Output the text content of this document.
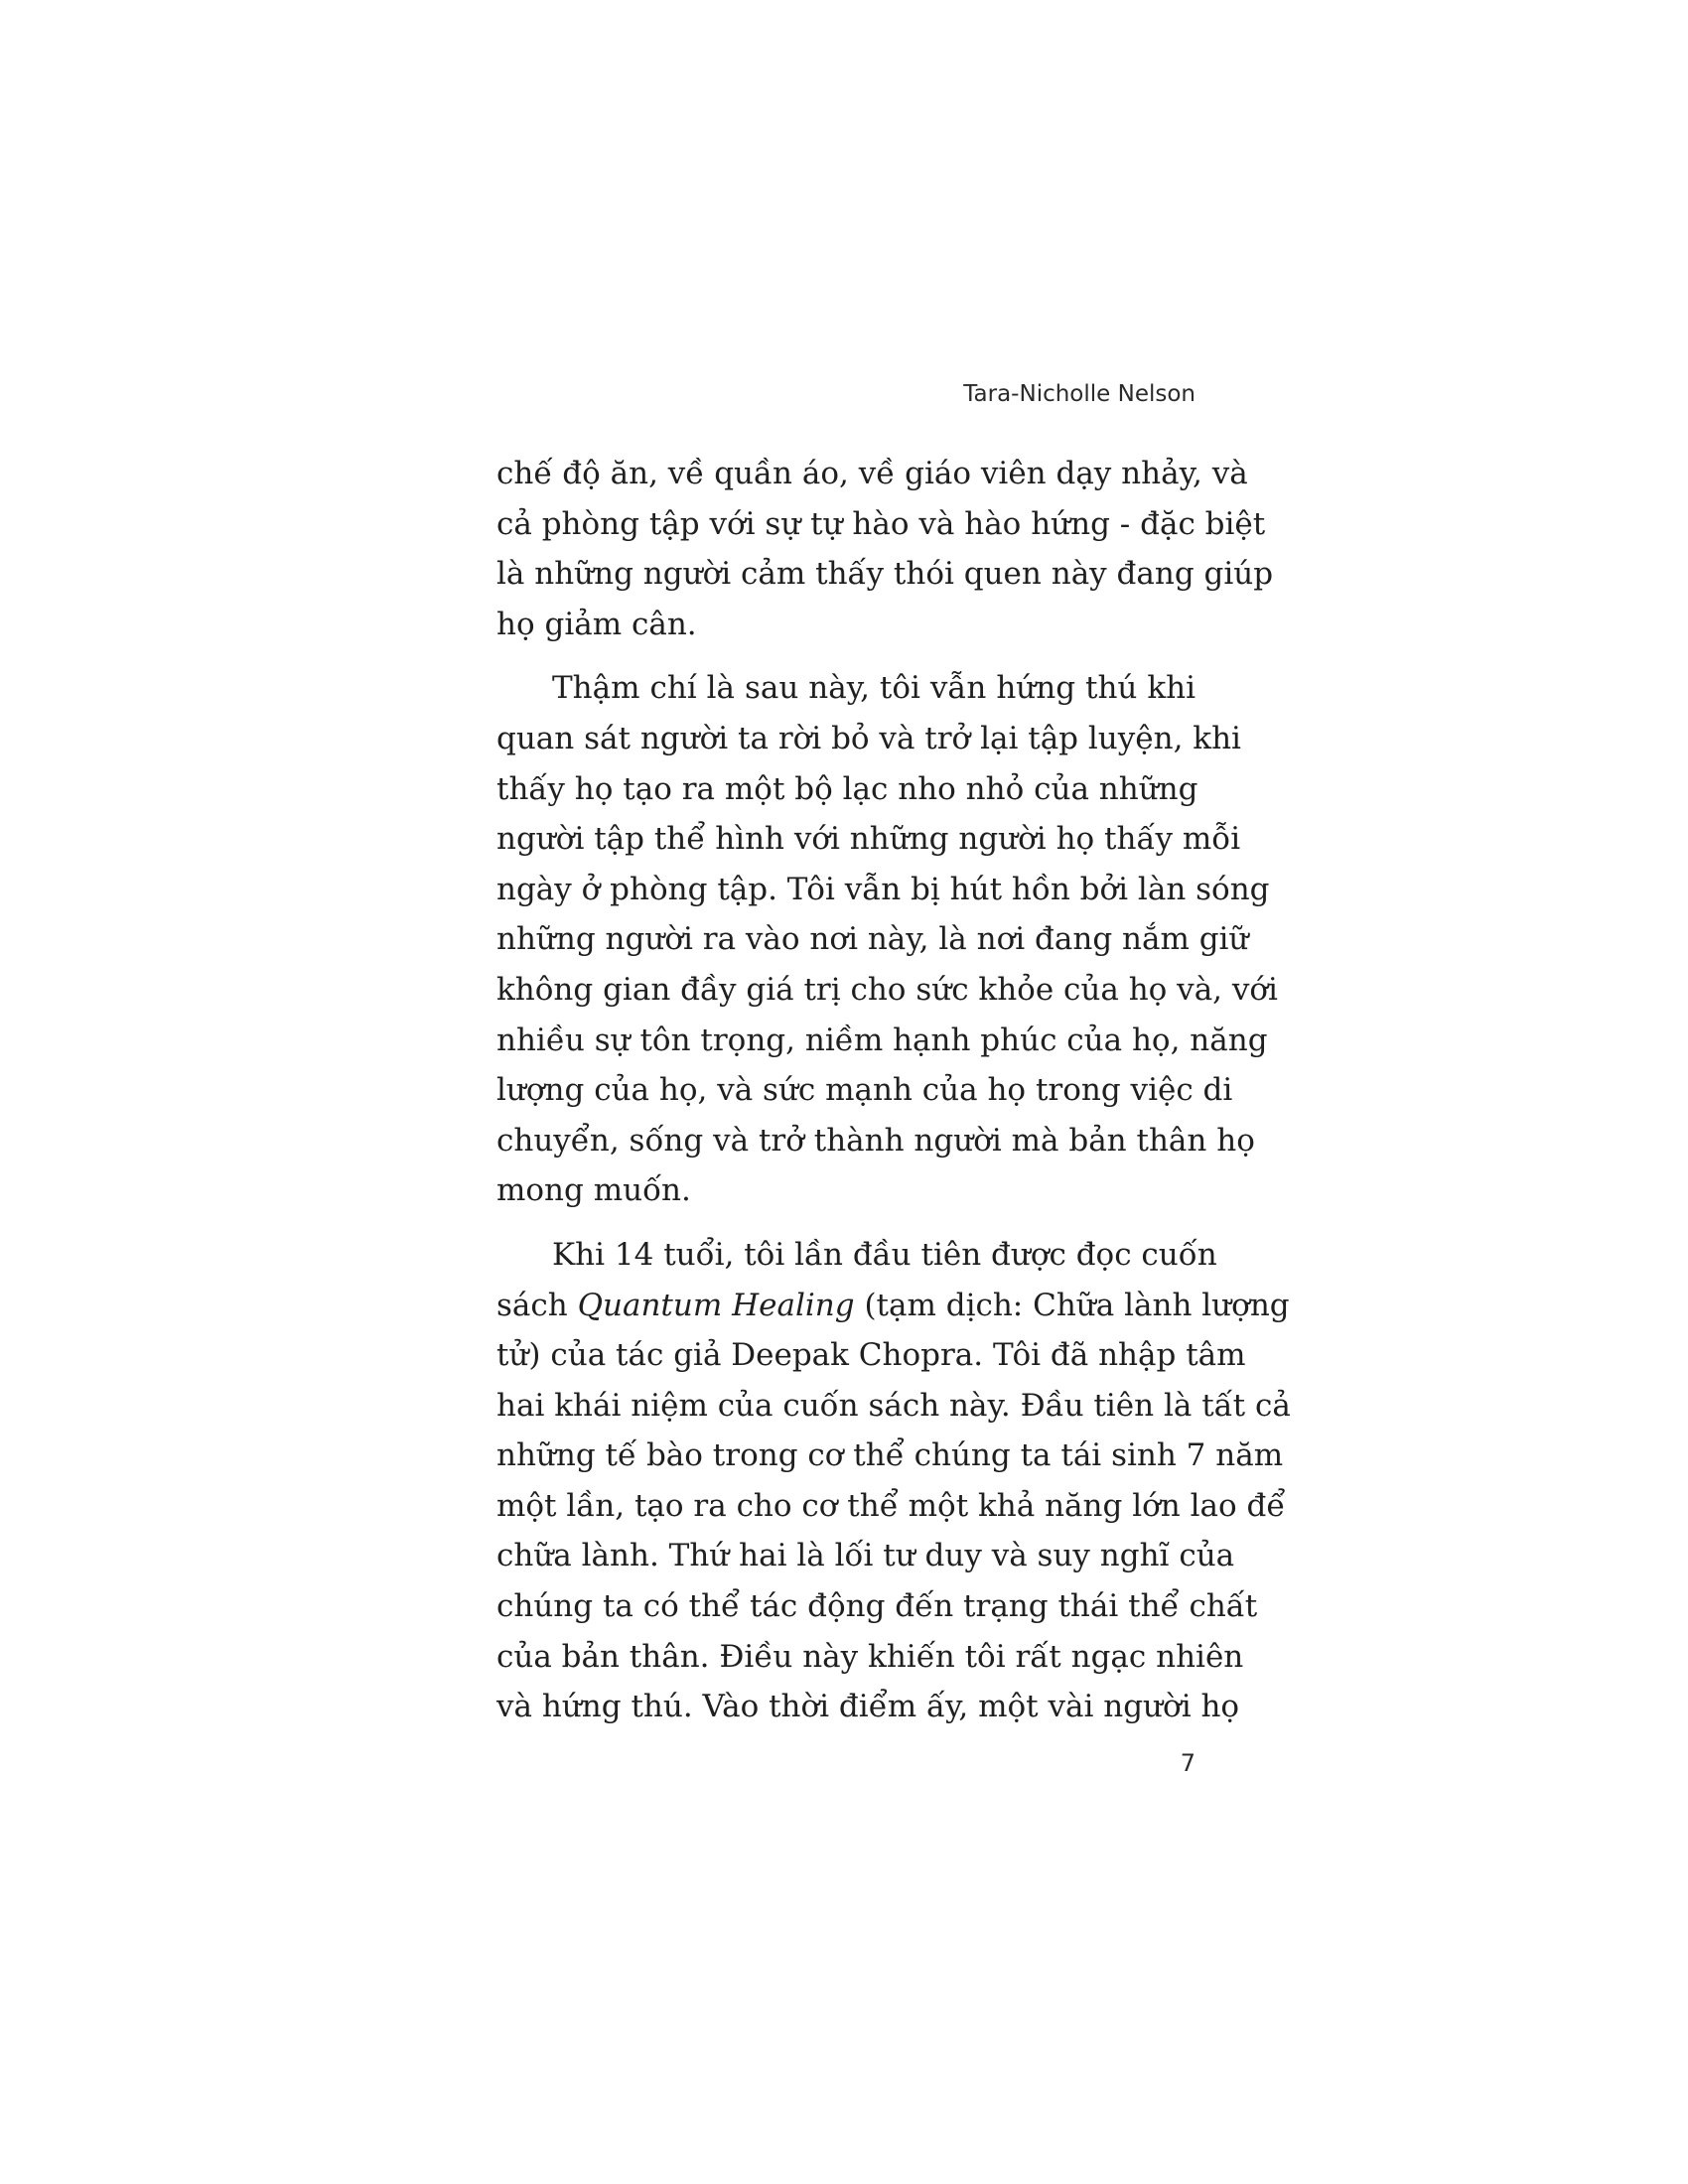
Tara-Nicholle Nelson
chế độ ăn, về quần áo, về giáo viên dạy nhảy, và
cả phòng tập với sự tự hào và hào hứng - đặc biệt
là những người cảm thấy thói quen này đang giúp
họ giảm cân.
Thậm chí là sau này, tôi vẫn hứng thú khi
quan sát người ta rời bỏ và trở lại tập luyện, khi
thấy họ tạo ra một bộ lạc nho nhỏ của những
người tập thể hình với những người họ thấy mỗi
ngày ở phòng tập. Tôi vẫn bị hút hồn bởi làn sóng
những người ra vào nơi này, là nơi đang nắm giữ
không gian đầy giá trị cho sức khỏe của họ và, với
nhiều sự tôn trọng, niềm hạnh phúc của họ, năng
lượng của họ, và sức mạnh của họ trong việc di
chuyển, sống và trở thành người mà bản thân họ
mong muốn.
Khi 14 tuổi, tôi lần đầu tiên được đọc cuốn
sách Quantum Healing (tạm dịch: Chữa lành lượng
tử) của tác giả Deepak Chopra. Tôi đã nhập tâm
hai khái niệm của cuốn sách này. Đầu tiên là tất cả
những tế bào trong cơ thể chúng ta tái sinh 7 năm
một lần, tạo ra cho cơ thể một khả năng lớn lao để
chữa lành. Thứ hai là lối tư duy và suy nghĩ của
chúng ta có thể tác động đến trạng thái thể chất
của bản thân. Điều này khiến tôi rất ngạc nhiên
và hứng thú. Vào thời điểm ấy, một vài người họ
7
